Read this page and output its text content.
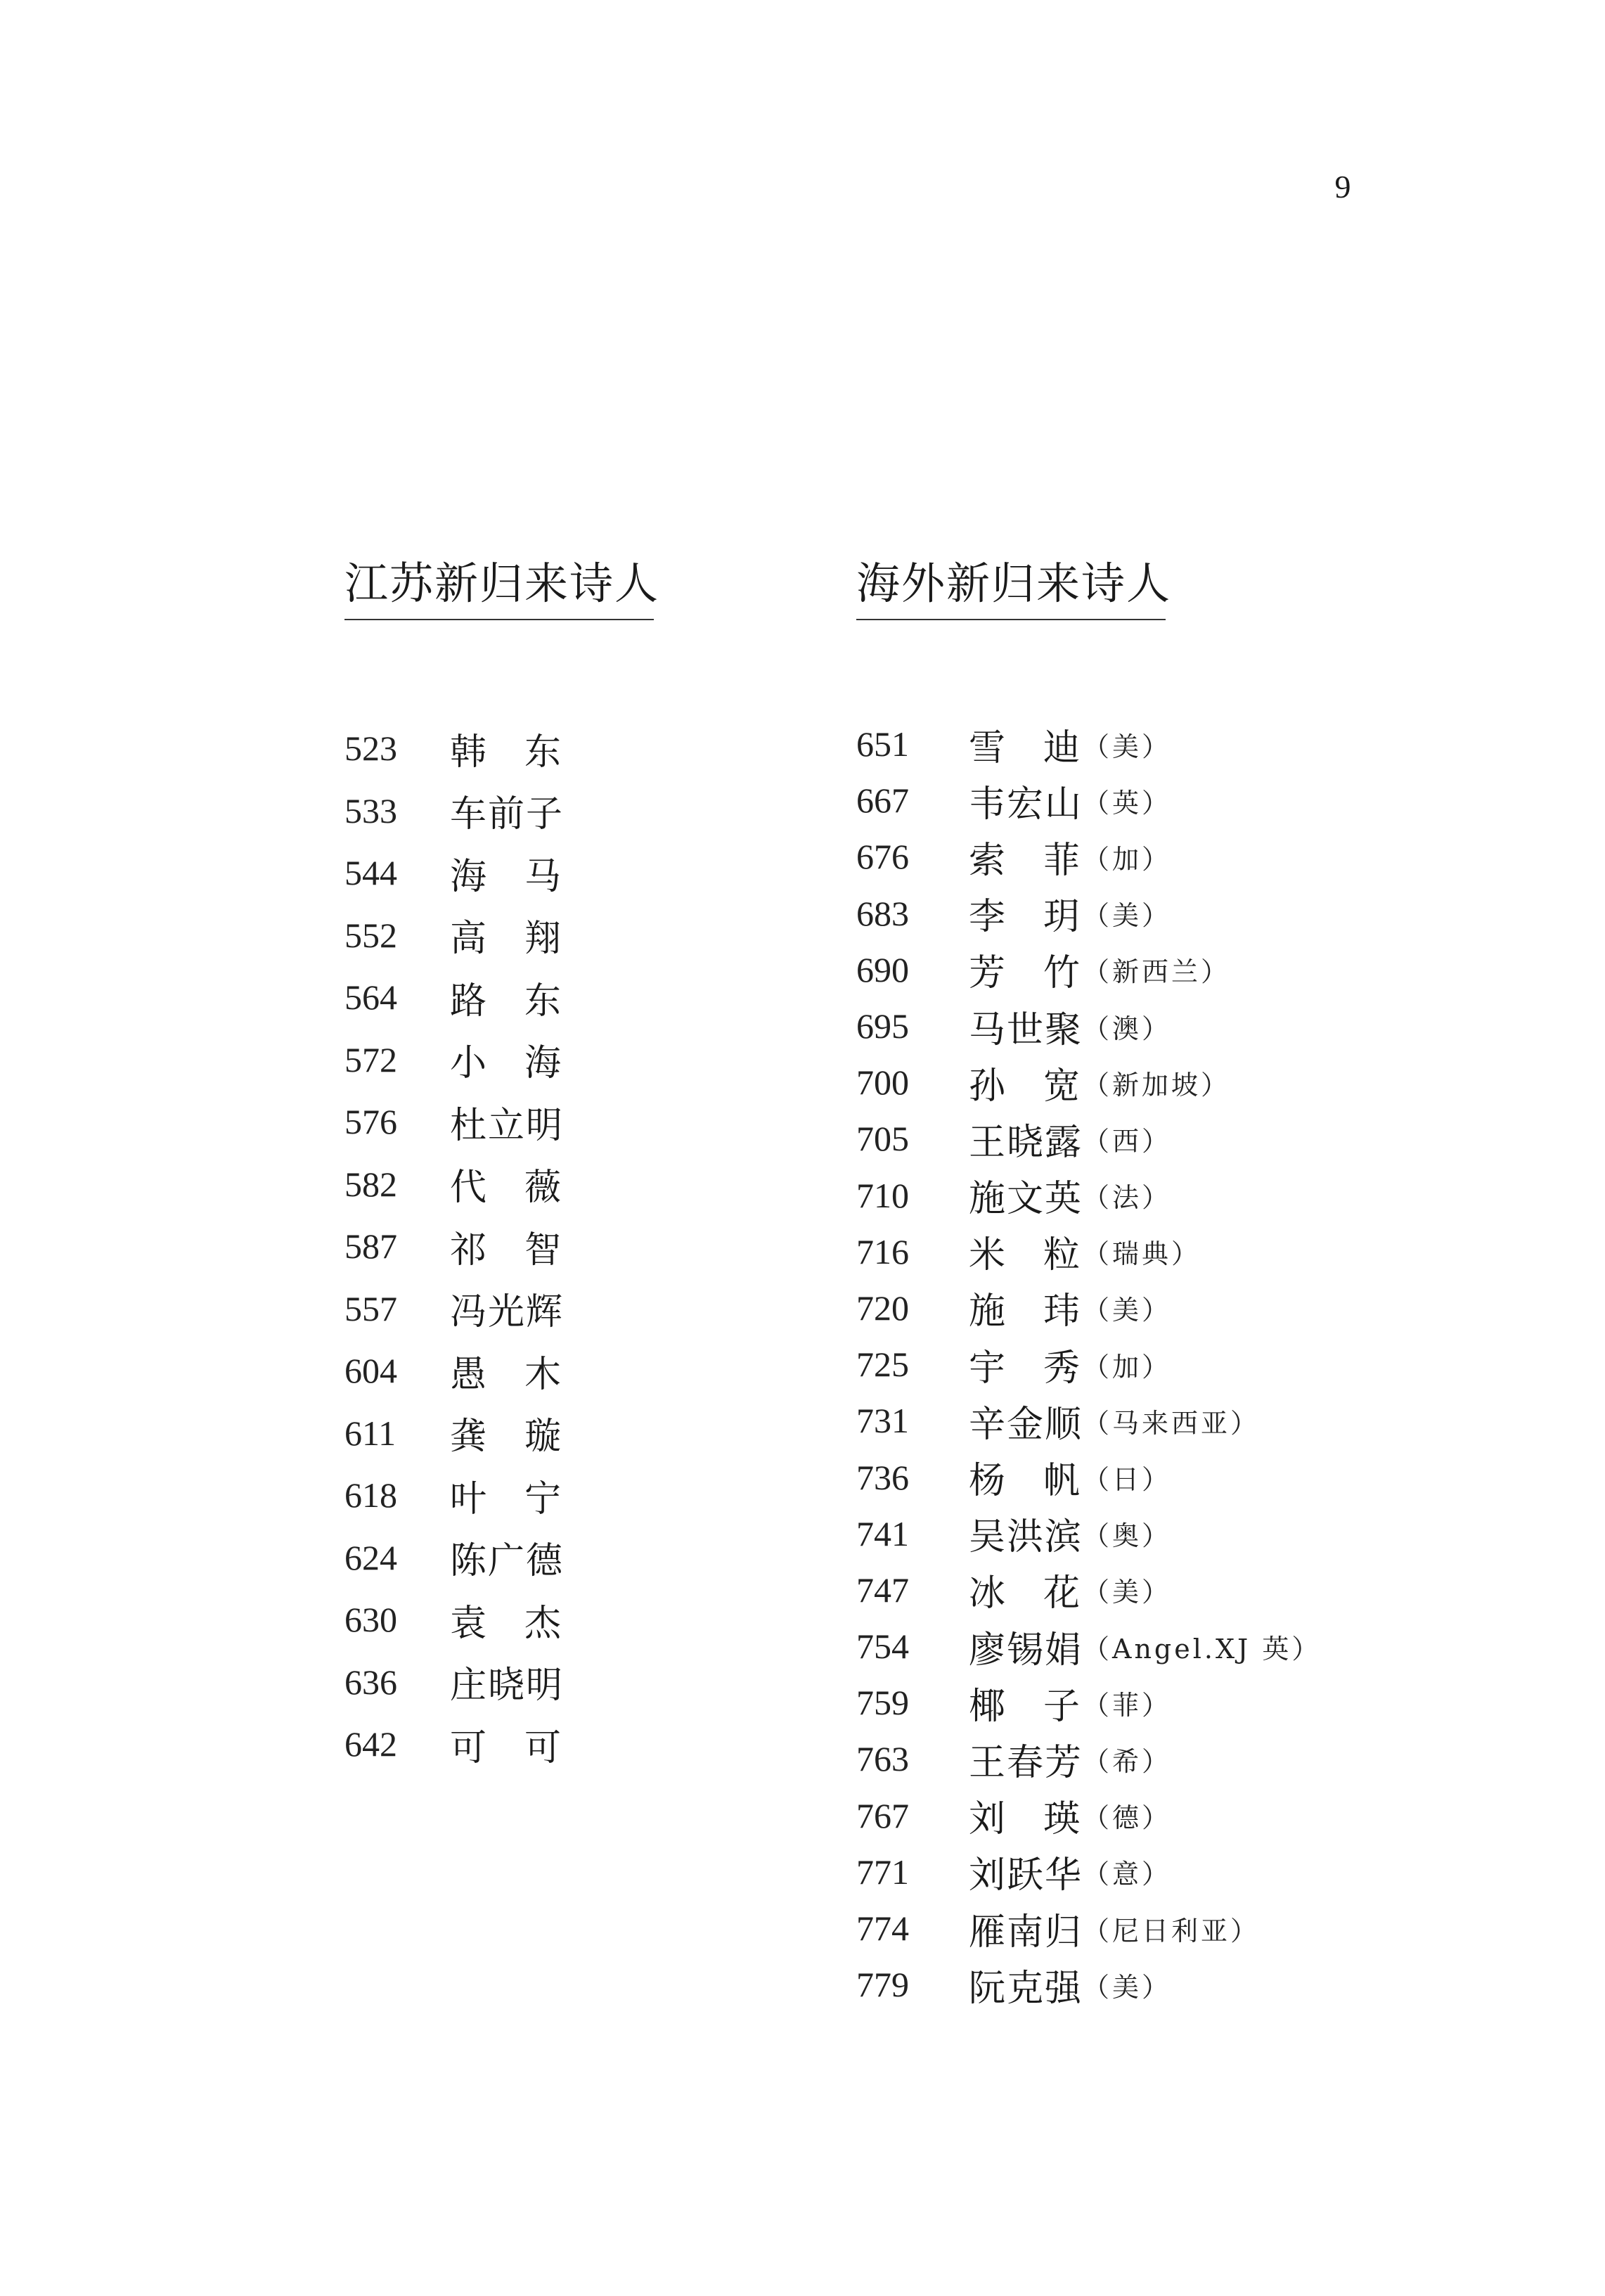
9
江苏新归来诗人
523	韩东
533	车前子
544	海马
552	高翔
564	路东
572	小海
576	杜立明
582	代薇
587	祁智
557	冯光辉
604	愚木
611	龚璇
618	叶宁
624	陈广德
630	袁杰
636	庄晓明
642	可可
海外新归来诗人
651	雪迪 （美）
667	韦宏山 （英）
676	索菲 （加）
683	李玥 （美）
690	芳竹 （新西兰）
695	马世聚 （澳）
700	孙宽 （新加坡）
705	王晓露 （西）
710	施文英 （法）
716	米粒 （瑞典）
720	施玮 （美）
725	宇秀 （加）
731	辛金顺 （马来西亚）
736	杨帆 （日）
741	吴洪滨 （奥）
747	冰花 （美）
754	廖锡娟 （Angel.XJ 英）
759	椰子 （菲）
763	王春芳 （希）
767	刘瑛 （德）
771	刘跃华 （意）
774	雁南归 （尼日利亚）
779	阮克强 （美）
